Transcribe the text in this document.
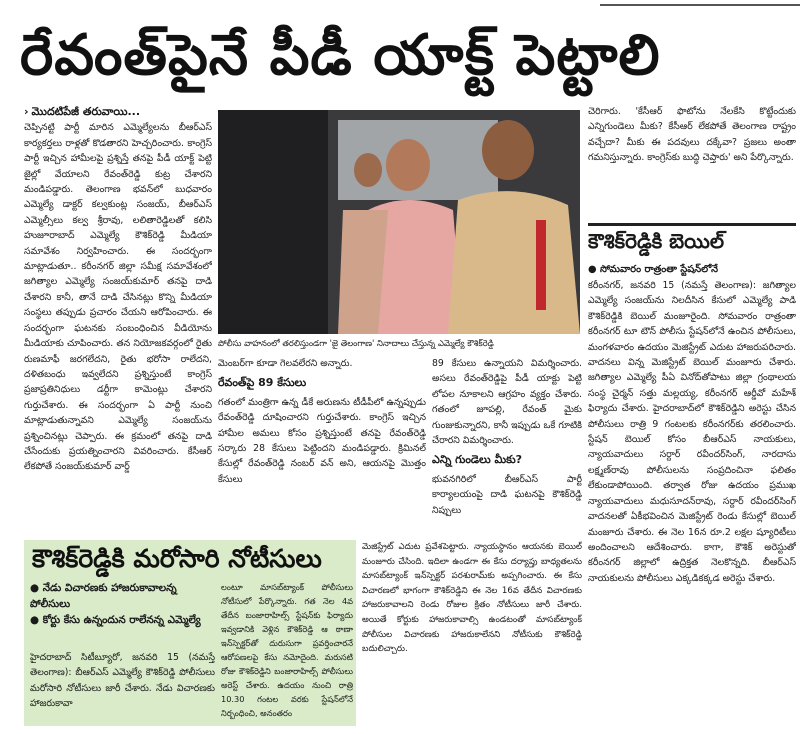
రేవంత్‌పైనే పీడీ యాక్ట్ పెట్టాలి

› మొదటిపేజీ తరువాయి...

చెప్పినట్టి పార్టీ మారిన ఎమ్మెల్యేలను బీఆర్ఎస్ కార్యకర్తలు రాళ్లతో కొడతారని హెచ్చరించారు. కాంగ్రెస్ పార్టీ ఇచ్చిన హామీలపై ప్రశ్నిస్తే తనపై పీడీ యాక్ట్ పెట్టి జైల్లో వేయాలని రేవంత్‌రెడ్డి కుట్ర చేశారని మండిపడ్డారు. తెలంగాణ భవన్‌లో బుధవారం ఎమ్మెల్యే డాక్టర్ కల్వకుంట్ల సంజయ్, బీఆర్ఎస్ ఎమ్మెల్సీలు కల్వ శ్రీరావు, లలితారెడ్డిలతో కలిసి హుజూరాబాద్ ఎమ్మెల్యే కౌశిక్‌రెడ్డి మీడియా సమావేశం నిర్వహించారు. ఈ సందర్భంగా మాట్లాడుతూ.. కరీంనగర్ జిల్లా సమీక్ష సమావేశంలో జగిత్యాల ఎమ్మెల్యే సంజయ్‌కుమార్ తనపై దాడి చేశారని కానీ, తానే దాడి చేసినట్లు కొన్ని మీడియా సంస్థలు తప్పుడు ప్రచారం చేయని ఆరోపించారు. ఈ సందర్భంగా ఘటనకు సంబంధించిన వీడియోను మీడియాకు చూపించారు. తన నియోజకవర్గంలో రైతు రుణమాఫీ జరగలేదని, రైతు భరోసా రాలేదని, దళితబంధు ఇవ్వలేదని ప్రశ్నిస్తుంటే కాంగ్రెస్ ప్రజాప్రతినిధులు డర్టీగా కామెంట్లు చేశారని గుర్తుచేశారు. ఈ సందర్భంగా ఏ పార్టీ నుంచి మాట్లాడుతున్నావని ఎమ్మెల్యే సంజయ్‌ను ప్రశ్నించినట్లు చెప్పారు. ఈ క్రమంలో తనపై దాడి చేసేందుకు ప్రయత్నించారని వివరించారు. కేసీఆర్ లేకపోతే సంజయ్‌కుమార్ వార్డ్

పోలీసు వాహనంలో తరలిస్తుండగా 'జై తెలంగాణ' నినాదాలు చేస్తున్న ఎమ్మెల్యే కౌశిక్‌రెడ్డి

మెంబర్‌గా కూడా గెలవలేరని అన్నారు.

రేవంత్‌పై 89 కేసులు

గతంలో మంత్రిగా ఉన్న డీకే అరుణను టీడీపీలో ఉన్నప్పుడు రేవంత్‌రెడ్డి దూషించారని గుర్తుచేశారు. కాంగ్రెస్ ఇచ్చిన హామీల అమలు కోసం ప్రశ్నిస్తుంటే తనపై రేవంత్‌రెడ్డి సర్కారు 28 కేసులు పెట్టిందని మండిపడ్డారు. క్రిమినల్ కేసుల్లో రేవంత్‌రెడ్డి నంబర్ వన్ అని, ఆయనపై మొత్తం కేసులు

89 కేసులు ఉన్నాయని విమర్శించారు. అసలు రేవంత్‌రెడ్డిపై పీడీ యాక్టు పెట్టి లోపల నూకాలని ఆగ్రహం వ్యక్తం చేశారు. గతంలో జూపల్లి, రేవంత్ మైకు గుంజుకున్నారని, కానీ ఇప్పుడు ఒకే గూటికి చేరారని విమర్శించారు.

ఎన్ని గుండెలు మీకు?

భువనగిరిలో బీఆర్ఎస్ పార్టీ కార్యాలయంపై దాడి ఘటనపై కౌశిక్‌రెడ్డి నిప్పులు

చెరిగారు. 'కేసీఆర్ ఫొటోను నేలకేసి కొట్టేందుకు ఎన్నిగుండెలు మీకు? కేసీఆర్ లేకపోతే తెలంగాణ రాష్ట్రం వచ్చేదా? మీకు ఈ పదవులు దక్కేవా? ప్రజలు అంతా గమనిస్తున్నారు. కాంగ్రెస్‌కు బుద్ధి చెప్తారు' అని పేర్కొన్నారు.

కౌశిక్‌రెడ్డికి బెయిల్

● సోమవారం రాత్రంతా స్టేషన్‌లోనే

కరీంనగర్, జనవరి 15 (నమస్తే తెలంగాణ): జగిత్యాల ఎమ్మెల్యే సంజయ్‌ను నిలదీసిన కేసులో ఎమ్మెల్యే పాడి కౌశిక్‌రెడ్డికి బెయిల్ మంజూరైంది. సోమవారం రాత్రంతా కరీంనగర్ టూ టౌన్ పోలీసు స్టేషన్‌లోనే ఉంచిన పోలీసులు, మంగళవారం ఉదయం మెజిస్ట్రేట్ ఎదుట హాజరుపరిచారు. వాదనలు విన్న మెజిస్ట్రేట్ బెయిల్ మంజూరు చేశారు. జగిత్యాల ఎమ్మెల్యే పీఏ వినోద్‌తోపాటు జిల్లా గ్రంథాలయ సంస్థ చైర్మన్ సత్తు మల్లయ్య, కరీంనగర్ ఆర్డీవో మహేశ్ ఫిర్యాదు చేశారు. హైదరాబాద్‌లో కౌశిక్‌రెడ్డిని అరెస్టు చేసిన పోలీసులు రాత్రి 9 గంటలకు కరీంనగర్‌కు తరలించారు. స్టేషన్ బెయిల్ కోసం బీఆర్ఎస్ నాయకులు, న్యాయవాదులు సర్దార్ రవీందర్‌సింగ్, నారదాసు లక్ష్మణ్‌రావు పోలీసులను సంప్రదించినా ఫలితం లేకుండాపోయింది. తర్వాత రోజు ఉదయం ప్రముఖ న్యాయవాదులు మధుసూదన్‌రావు, సర్దార్ రవీందర్‌సింగ్ వాదనలతో ఏకీభవించిన మెజిస్ట్రేట్ రెండు కేసుల్లో బెయిల్ మంజూరు చేశారు. ఈ నెల 16న రూ.2 లక్షల ష్యూరిటీలు అందించాలని ఆదేశించారు. కాగా, కౌశిక్ అరెస్టుతో కరీంనగర్ జిల్లాలో ఉద్రిక్తత నెలకొన్నది. బీఆర్ఎస్ నాయకులను పోలీసులు ఎక్కడికక్కడ అరెస్టు చేశారు.

కౌశిక్‌రెడ్డికి మరోసారి నోటీసులు

● నేడు విచారణకు హాజరుకావాలన్న పోలీసులు

● కోర్టు కేసు ఉన్నందున రాలేనన్న ఎమ్మెల్యే

హైదరాబాద్ సిటీబ్యూరో, జనవరి 15 (నమస్తే తెలంగాణ): బీఆర్ఎస్ ఎమ్మెల్యే కౌశిక్‌రెడ్డి పోలీసులు మరోసారి నోటీసులు జారీ చేశారు. నేడు విచారణకు హాజరుకావా

లంటూ మాసబ్‌ట్యాంక్ పోలీసులు నోటీసులో పేర్కొన్నారు. గత నెల 4వ తేదీన బంజారాహిల్స్ స్టేషన్‌కు ఫిర్యాదు ఇవ్వడానికి వెళ్లిన కౌశిక్‌రెడ్డి ఆ ఠాణా ఇన్‌స్పెక్టర్‌తో దురుసుగా ప్రవర్తించారనే ఆరోపణలపై కేసు నమోదైంది. మరుసటి రోజు కౌశిక్‌రెడ్డిని బంజారాహిల్స్ పోలీసులు అరెస్ట్ చేశారు. ఉదయం నుంచి రాత్రి 10.30 గంటల వరకు స్టేషన్‌లోనే నిర్బంధించి, అనంతరం

మెజిస్ట్రేట్ ఎదుట ప్రవేశపెట్టారు. న్యాయస్థానం ఆయనకు బెయిల్ మంజూరు చేసింది. ఇదిలా ఉండగా ఈ కేసు దర్యాప్తు బాధ్యతలను మాసబ్‌ట్యాంక్ ఇన్‌స్పెక్టర్ పరశురామ్‌కు అప్పగించారు. ఈ కేసు విచారణలో భాగంగా కౌశిక్‌రెడ్డిని ఈ నెల 16వ తేదీన విచారణకు హాజరుకావాలని రెండు రోజుల క్రితం నోటీసులు జారీ చేశారు. అయితే కోర్టుకు హాజరుకావాల్సి ఉండటంతో మాసబ్‌ట్యాంక్ పోలీసుల విచారణకు హాజరుకాలేనని నోటీసుకు కౌశిక్‌రెడ్డి బదులిచ్చారు.
